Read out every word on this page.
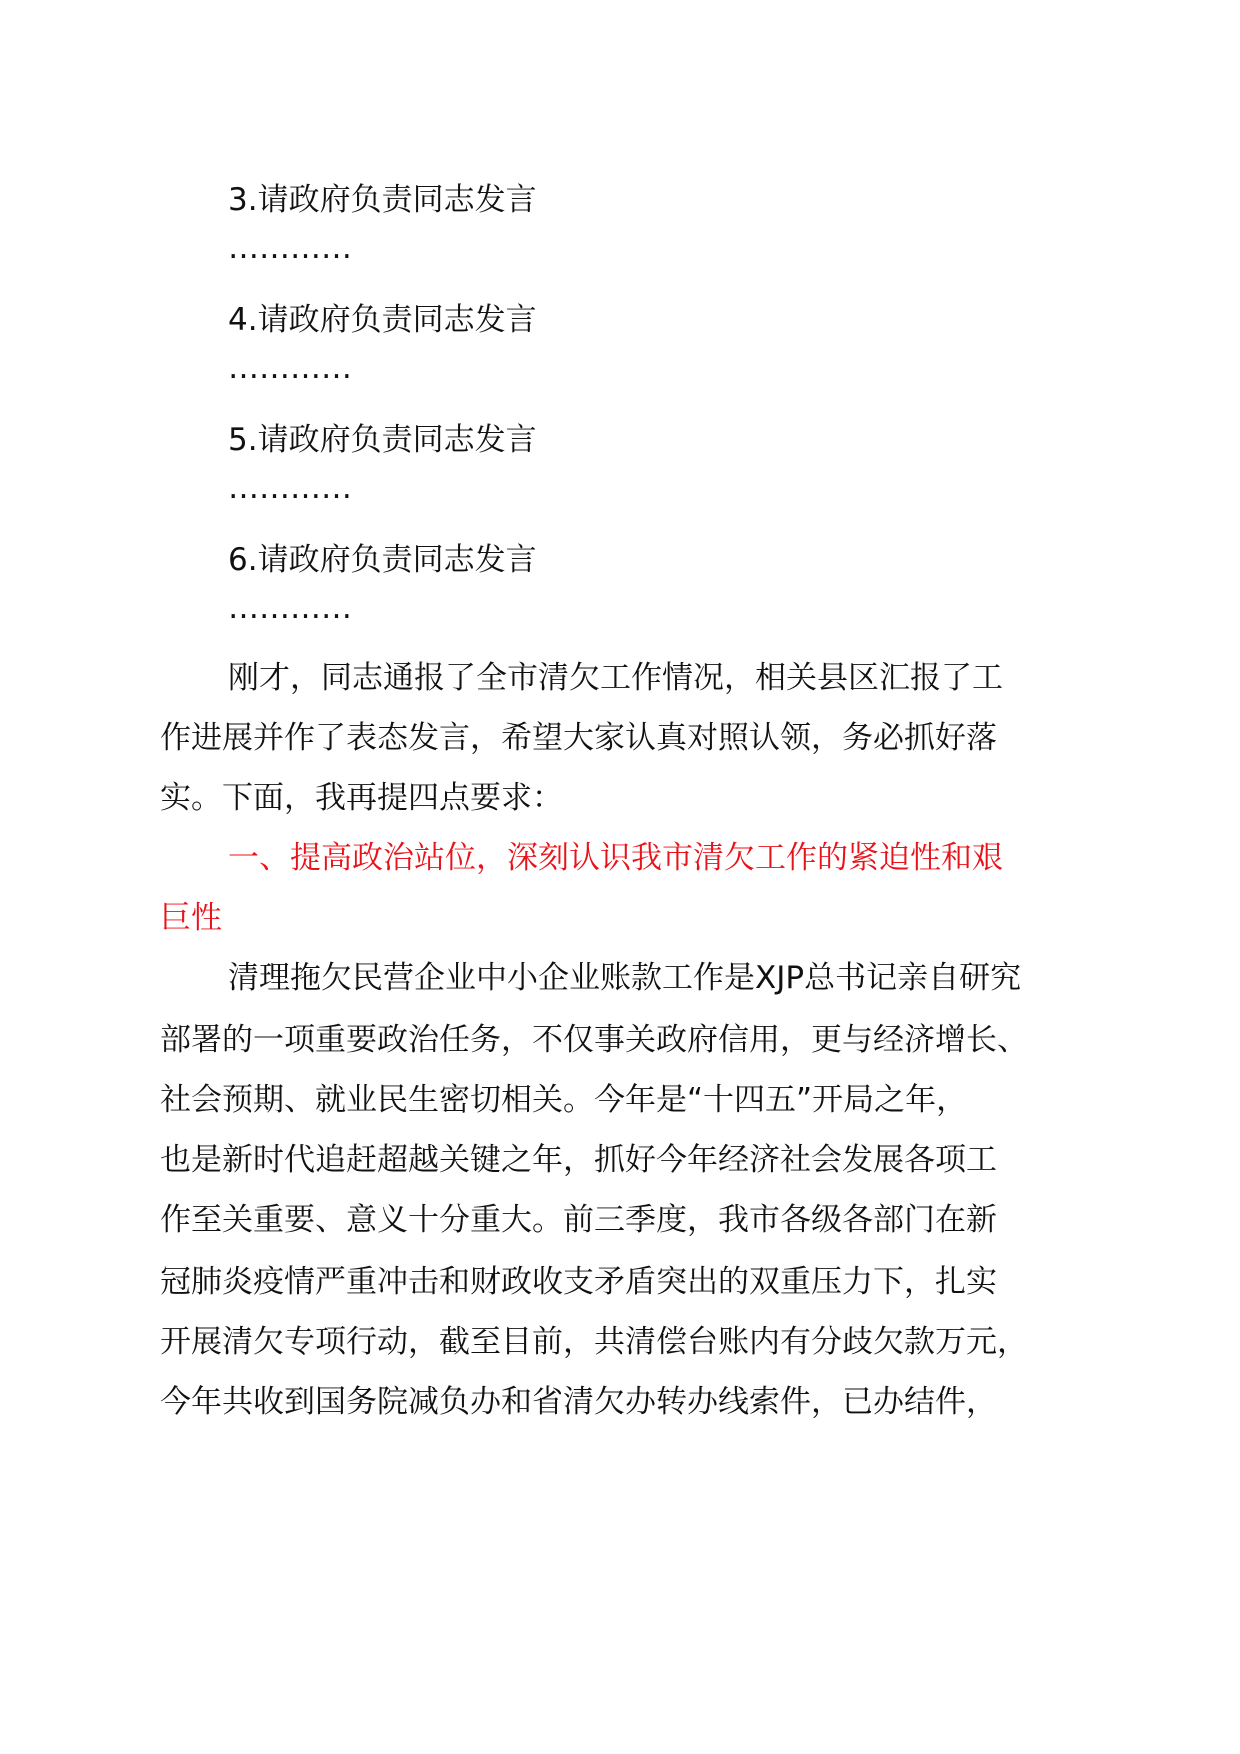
3.请政府负责同志发言
…………
4.请政府负责同志发言
…………
5.请政府负责同志发言
…………
6.请政府负责同志发言
…………
刚才，同志通报了全市清欠工作情况，相关县区汇报了工
作进展并作了表态发言，希望大家认真对照认领，务必抓好落
实。下面，我再提四点要求：
一、提高政治站位，深刻认识我市清欠工作的紧迫性和艰
巨性
清理拖欠民营企业中小企业账款工作是XJP总书记亲自研究
部署的一项重要政治任务，不仅事关政府信用，更与经济增长、
社会预期、就业民生密切相关。今年是“十四五”开局之年，
也是新时代追赶超越关键之年，抓好今年经济社会发展各项工
作至关重要、意义十分重大。前三季度，我市各级各部门在新
冠肺炎疫情严重冲击和财政收支矛盾突出的双重压力下，扎实
开展清欠专项行动，截至目前，共清偿台账内有分歧欠款万元，
今年共收到国务院减负办和省清欠办转办线索件，已办结件，
